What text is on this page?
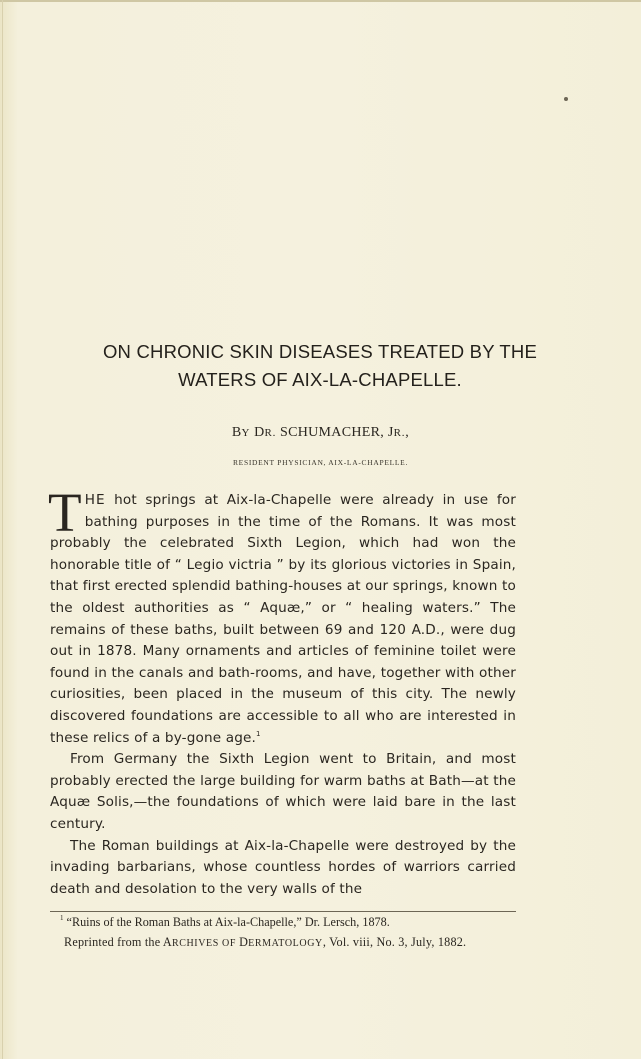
ON CHRONIC SKIN DISEASES TREATED BY THE
WATERS OF AIX-LA-CHAPELLE.
BY DR. SCHUMACHER, JR.,
RESIDENT PHYSICIAN, AIX-LA-CHAPELLE.

THE hot springs at Aix-la-Chapelle were already in use for bathing purposes in the time of the Romans. It was most probably the celebrated Sixth Legion, which had won the honorable title of “ Legio victria ” by its glorious victories in Spain, that first erected splendid bathing-houses at our springs, known to the oldest authorities as “ Aquæ,” or “ healing waters.” The remains of these baths, built between 69 and 120 A.D., were dug out in 1878. Many ornaments and articles of feminine toilet were found in the canals and bath-rooms, and have, together with other curiosities, been placed in the museum of this city. The newly discovered foundations are accessible to all who are interested in these relics of a by-gone age.$^1$

From Germany the Sixth Legion went to Britain, and most probably erected the large building for warm baths at Bath—at the Aquæ Solis,—the foundations of which were laid bare in the last century.

The Roman buildings at Aix-la-Chapelle were destroyed by the invading barbarians, whose countless hordes of warriors carried death and desolation to the very walls of the

$^1$ “Ruins of the Roman Baths at Aix-la-Chapelle,” Dr. Lersch, 1878.
Reprinted from the ARCHIVES OF DERMATOLOGY, Vol. viii, No. 3, July, 1882.
